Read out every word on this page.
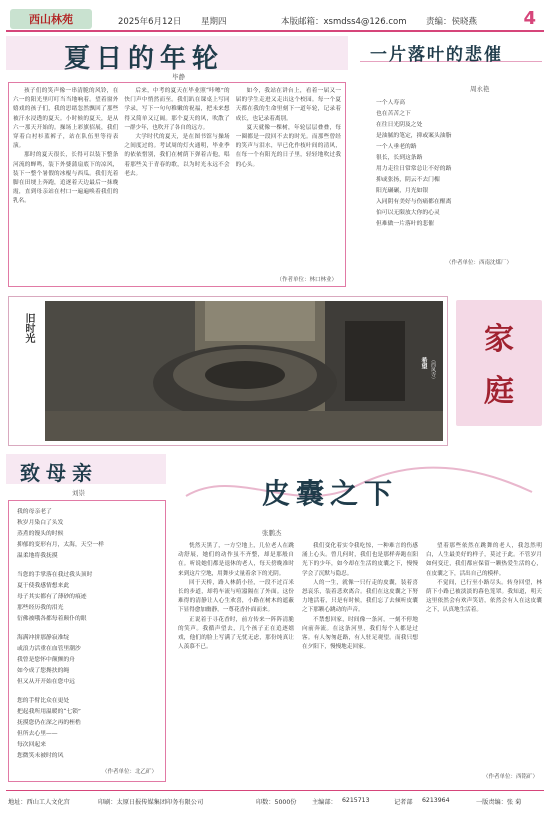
西山林苑	2025年6月12日 星期四	本版邮箱：xsmdss4@126.com 责编：侯晓燕	4
夏日的年轮
毕静

孩子们的笑声像一串清脆的风铃，在六一的阳光里叮叮当当地响着。望着窗外嬉戏的孩子们，我的思绪忽然飘回了那些被汗水浸透的夏天。小时候的夏天，是从六一那天开始的。操场上彩旗招展，我们穿着白衬衫蓝裤子，站在队伍里等待表演。

那时的夏天很长，长得可以装下整条河流的蝉鸣，装下外婆蒲扇底下的凉风，装下一整个暑假的冰棍与西瓜。我们光着脚在田埂上奔跑，追逐着天边最后一抹晚霞，直到母亲站在村口一遍遍唤着我们的乳名。

后来，中考的夏天在毕业照“咔嚓”的快门声中悄然而至。我们趴在课桌上写同学录，写下一句句稚嫩的祝福，把未来想得又简单又辽阔。那个夏天的风，吹散了一群少年，也吹开了各自的远方。

大学时代的夏天，是在图书馆与操场之间度过的。考试周的灯火通明，毕业季的依依惜别，我们在树荫下弹着吉他，唱着那些关于青春的歌，以为时光永远不会老去。

如今，我站在讲台上，看着一届又一届的学生走进又走出这个校园。每一个夏天都在我的生命里刻下一道年轮，记录着成长，也记录着离别。

夏天就像一棵树，年轮层层叠叠，每一圈都是一段回不去的时光。而那些曾经的笑声与泪水，早已化作枝叶间的清风，在每一个有阳光的日子里，轻轻地吹过我的心头。

（作者单位：林口林业）
一片落叶的悲催
周永艳
一个人寿高
也在苦苦之下
在往日光阴及之处
是油腻的笔定，抑或案头油脂
一个人垂老的路
很长，长到这条路
用力走往日常常总让不好的路
抑或张扬，阴云不去门楣
阳光碾碾，月光如银
入同阴有美好与伤痛都在醒离
伯可以无限放大你的心灵
但难做一片落叶的悲催
（作者单位：西南沈煤厂）
旧时光
希望 （西风寺）
家
庭
致母亲
刘崇
我的母亲老了
秋岁月染白了头发
蒸煮的馒头的时候
抑郁的变形有月，太海，天空一样
温柔地将我抚摸
当您的手掌落在我过我头顶时
夏于使我感情想来此
母子其实都有了薄砂的痕迹
那些经历我的泪光
衍佛被哦各都每着颠仆的眼
海满冲拼那静寂准绽
或浪力活重在血管里潮沙
我曾是您怀中颠颤的舟
如今成了您搀扶的绳
但又从开开始在您中远
您的手臂比众在更处
把起我所用温暖的“七锁”
抚摸您仍在深之再的桎梏
但所去心里——
每次回起来
您微笑未被时的风
（作者单位：北乙矿）
皮囊之下
张鹏杰

恍然天黑了，一方空地上，几位老人在跳动舒展，她们的动作虽不齐整，却是那般自在。听说她们都是退休的老人，每天傍晚准时来到这片空地，用舞步丈量着余下的光阴。

回于天桥，路人林荫小径，一段不过百米长的步道，却将车流与喧嚣隔在了外面。这份难得的清静让人心生欢喜，小路在树木的遮蔽下显得愈加幽静，一尊花香扑面而来。

正说着于寻花香时，前方传来一阵阵清脆的笑声。我循声望去，几个孩子正在追逐嬉戏，他们的脸上写满了无忧无虑，那份纯真让人羡慕不已。

我们变化着实令我吃惊，一种难言的伤感涌上心头。曾几何时，我们也是那样奔跑在阳光下的少年，如今却在生活的皮囊之下，慢慢学会了沉默与隐忍。

人的一生，就像一只行走的皮囊，装着喜怒哀乐，装着悲欢离合。我们在这皮囊之下努力地活着，只是有时候，我们忘了去倾听皮囊之下那颗心跳动的声音。

不禁想回家，时间像一条河，一刻不停地向前奔流。在这条河里，我们每个人都是过客。有人匆匆赶路，有人驻足观望。而我只想在夕阳下，慢慢地走回家。

望着那些依然在跳舞的老人，我忽然明白，人生最美好的样子，莫过于此。不管岁月如何变迁，我们都应保留一颗热爱生活的心，在皮囊之下，活出自己的模样。

不觉间，已行至小路尽头。转身回望，林荫下小路已被淡淡的暮色笼罩。我知道，明天这里依然会有欢声笑语，依然会有人在这皮囊之下，认真地生活着。

（作者单位：西铭矿）
地址：西山工人文化宫	印刷：太原日报传媒集团印务有限公司	印数：5000份	主编部： 6215713	记者部 6213964	一版责编：张 菊
